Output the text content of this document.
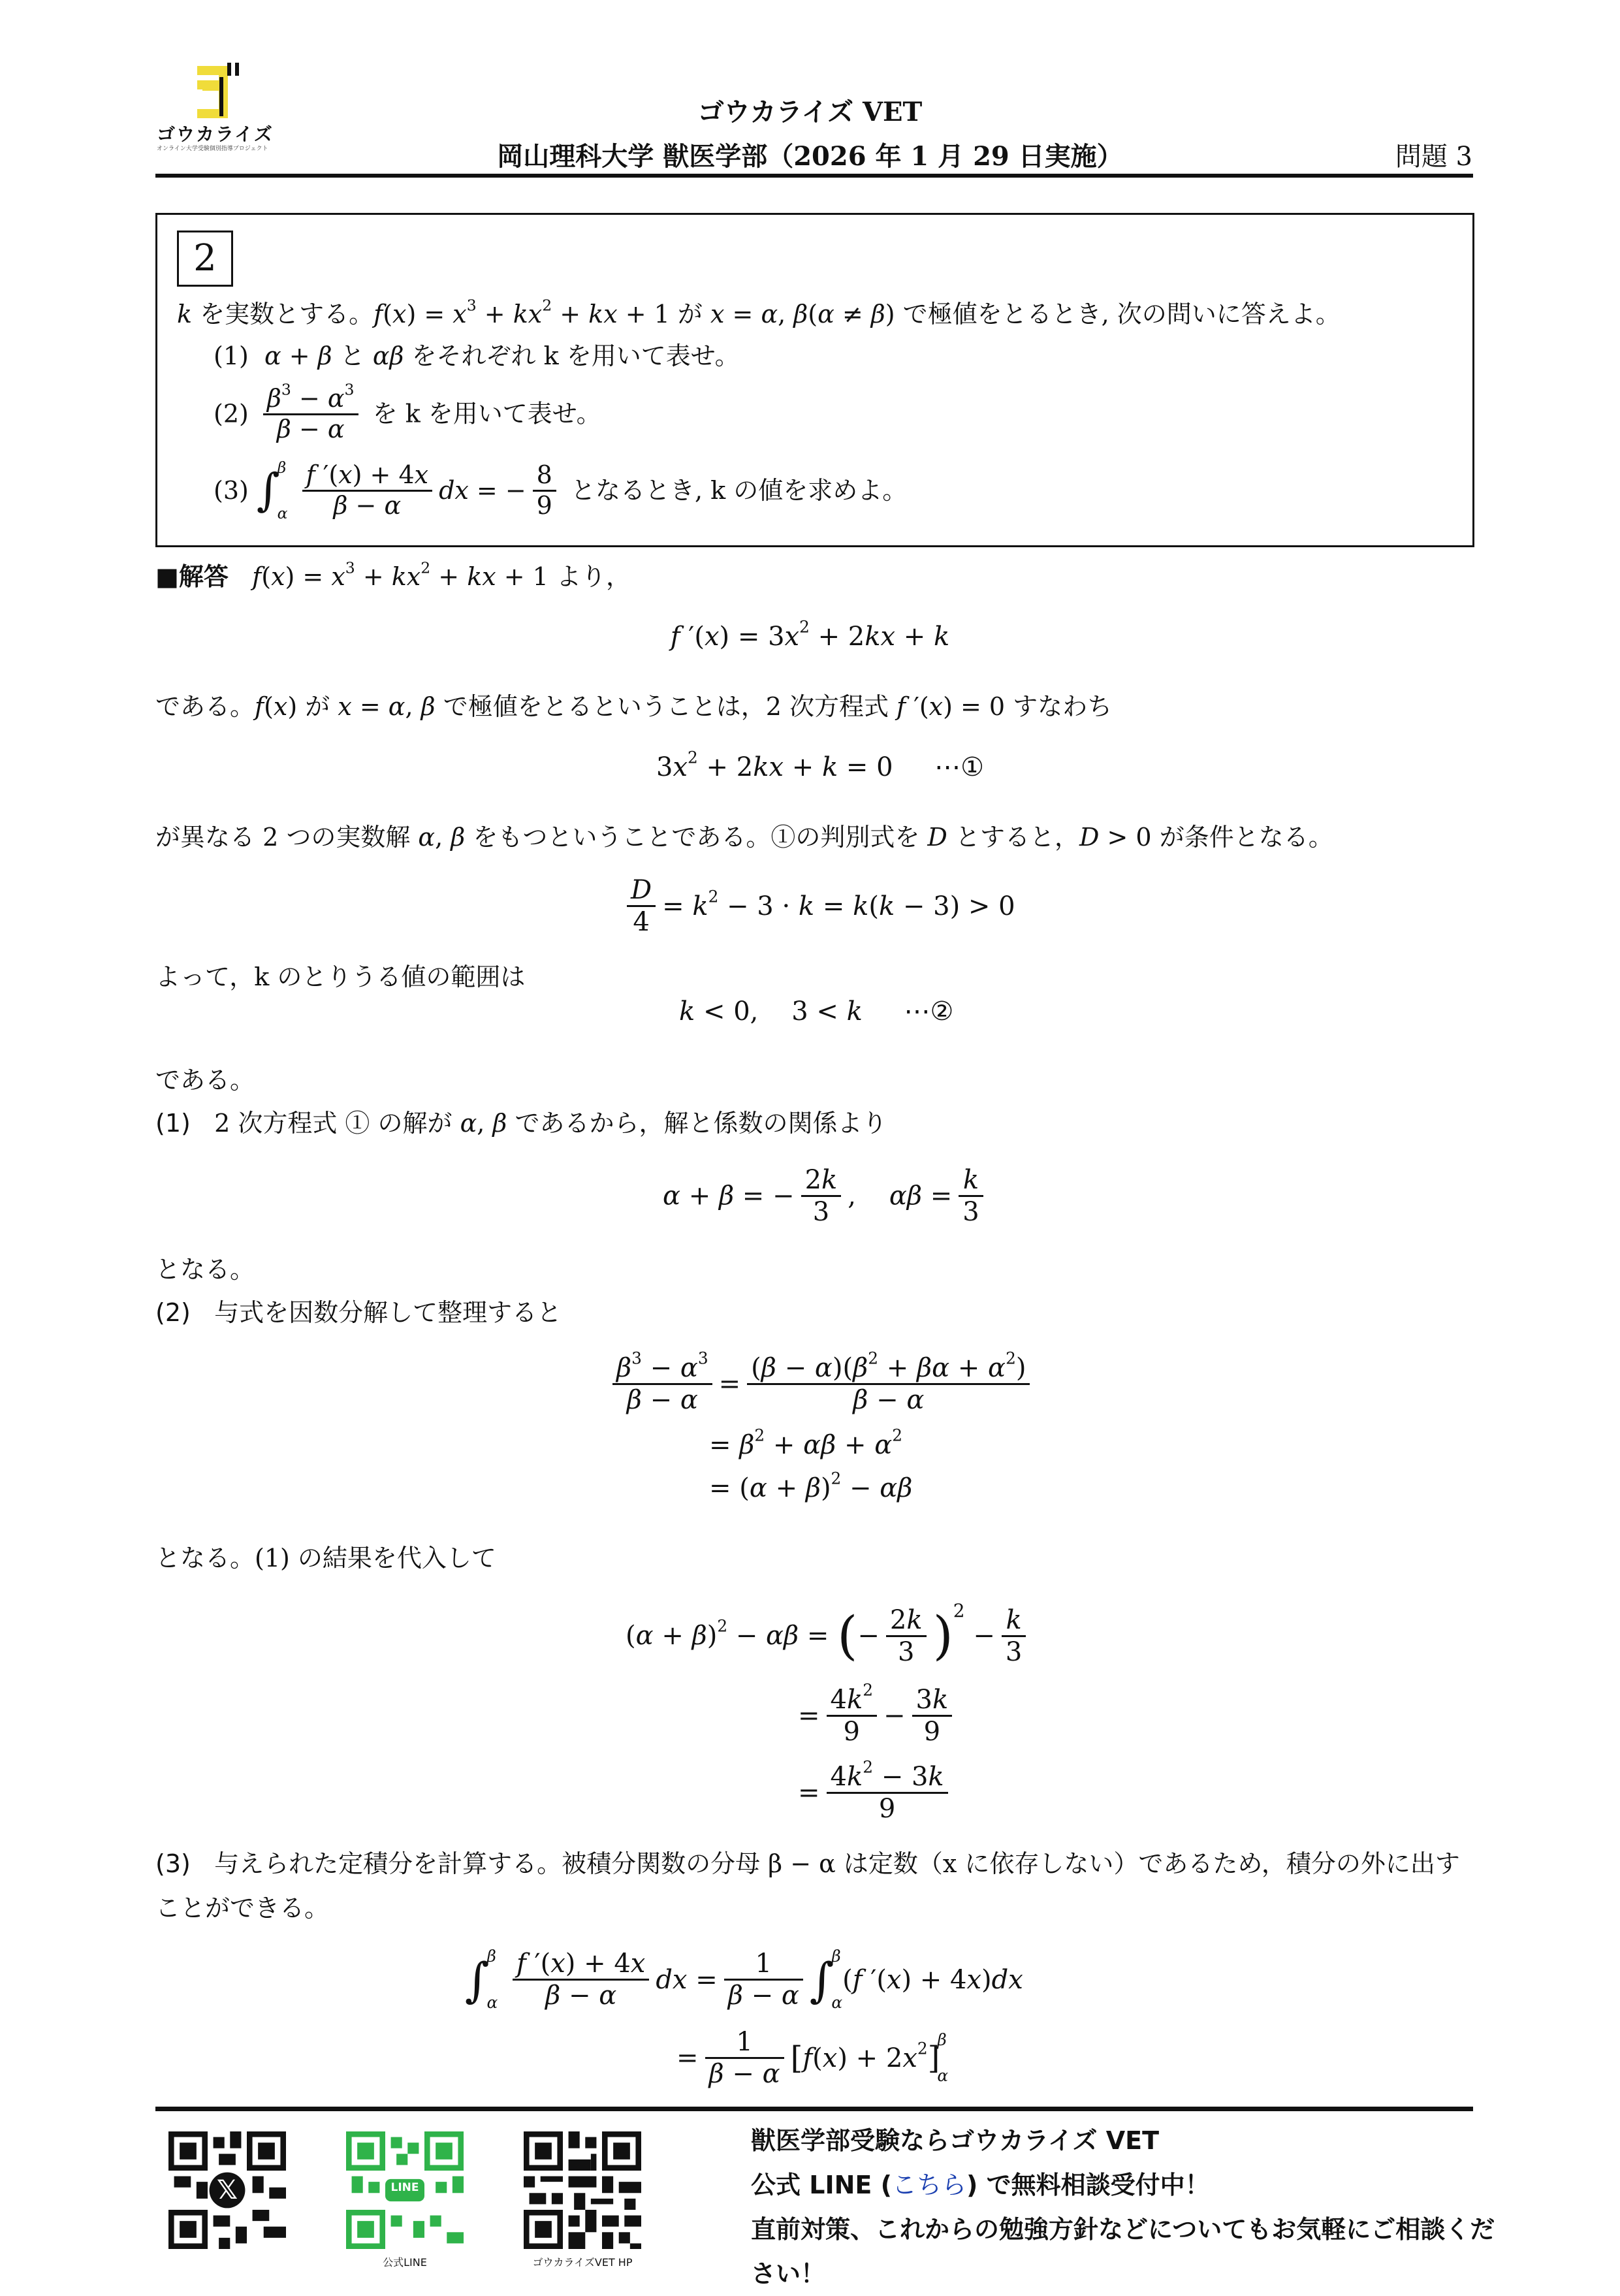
ゴウカライズ
オンライン大学受験個別指導プロジェクト
ゴウカライズ VET
岡山理科大学 獣医学部（2026 年 1 月 29 日実施）	問題 3
2
k を実数とする。$f(x) = x^3 + kx^2$ + kx + 1 が x = α, β(α ≠ β) で極値をとるとき, 次の問いに答えよ。
(1) α + β と αβ をそれぞれ k を用いて表せ。
$(2) \frac{\beta^3 - \alpha^3}{\beta - \alpha}$ を k を用いて表せ。
(3) ∫
β
α
$\frac{f '(x) + 4x}{\beta - \alpha}$ dx = − $\frac{8}{9}$ となるとき, k の値を求めよ。
■解答 $f(x) = x^3 + kx^2$ + kx + 1 より，
f $'(x) = 3x^2 + 2kx + k$
である。f(x) が x = α, β で極値をとるということは，2 次方程式 f ′(x) = 0 すなわち
$3x^2 + 2kx + k = 0$     ⋯①
が異なる 2 つの実数解 α, β をもつということである。①の判別式を D とすると，D > 0 が条件となる。
$\frac{D}{4} = k^2 - 3 \cdot k = k(k - 3) > 0$
よって，k のとりうる値の範囲は
k < 0,    3 < k ⋯②
である。
(1) 2 次方程式 ① の解が α, β であるから，解と係数の関係より
α + β = − $\frac{2k}{3}$ ,    $\alpha\beta = \frac{k}{3}$
となる。
(2) 与式を因数分解して整理すると
$\frac{\beta^3 - \alpha^3}{\beta - \alpha} = \frac{(\beta - \alpha)(\beta^2 + \beta\alpha + \alpha^2)}{\beta - \alpha}$
= $\beta^2 + \alpha\beta + \alpha^2$
= $(\alpha + \beta)^2 - \alpha\beta$
となる。(1) の結果を代入して
$(\alpha + \beta)^2 - \alpha\beta$ = (− $\frac{2k}{3} )^2 - \frac{k}{3}$
= $\frac{4k^2}{9} - \frac{3k}{9}$
= $\frac{4k^2 - 3k}{9}$
(3) 与えられた定積分を計算する。被積分関数の分母 β − α は定数（x に依存しない）であるため，積分の外に出す
ことができる。
∫
β
α
$\frac{f '(x) + 4x}{\beta - \alpha}$ dx = $\frac{1}{\beta - \alpha}$ ∫
β
α
(f ′(x) + 4x)dx
= $\frac{1}{\beta - \alpha} [f(x) + 2x^2]$
β
α
𝕏	LINE
公式LINE	ゴウカライズVET HP
獣医学部受験ならゴウカライズ VET
公式 LINE (こちら) で無料相談受付中！
直前対策、これからの勉強方針などについてもお気軽にご相談くだ
さい！
